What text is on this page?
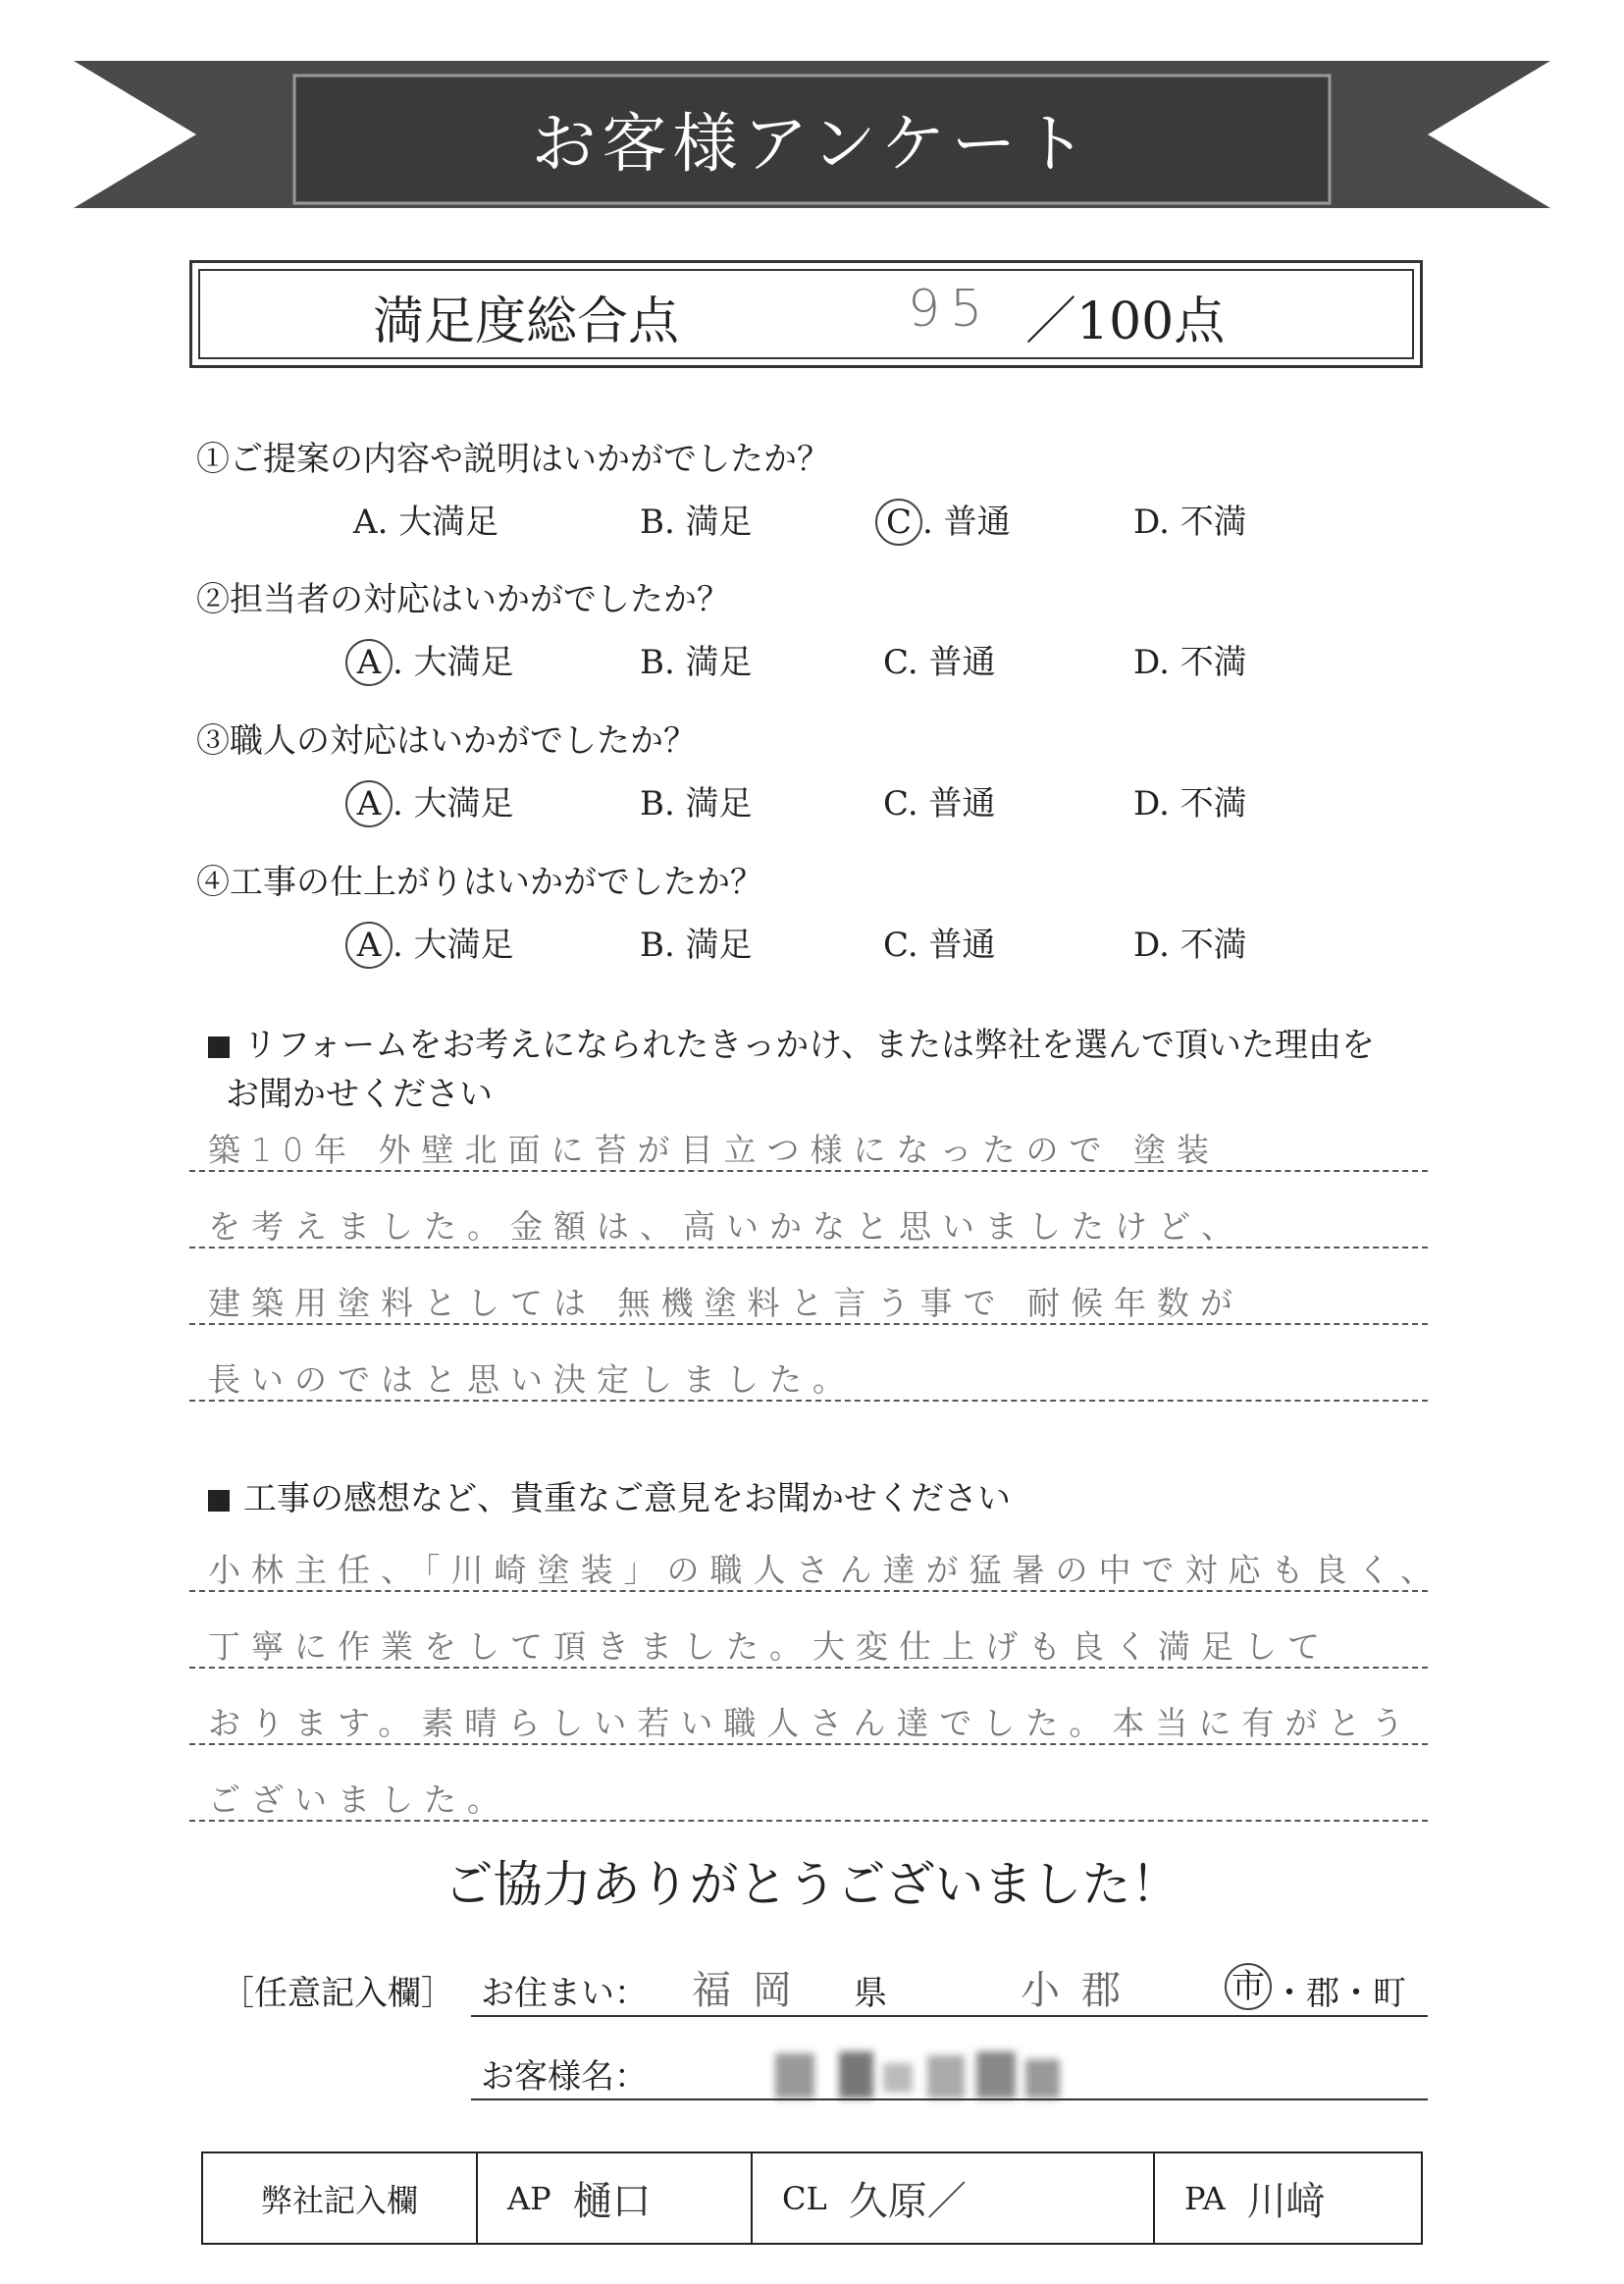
お客様アンケート
満足度総合点	95 ／100点
①ご提案の内容や説明はいかがでしたか？
A. 大満足	B. 満足	C . 普通	D. 不満
②担当者の対応はいかがでしたか？
A . 大満足	B. 満足	C. 普通	D. 不満
③職人の対応はいかがでしたか？
A . 大満足	B. 満足	C. 普通	D. 不満
④工事の仕上がりはいかがでしたか？
A . 大満足	B. 満足	C. 普通	D. 不満
リフォームをお考えになられたきっかけ、または弊社を選んで頂いた理由を
お聞かせください
築10年 外壁北面に苔が目立つ様になったので 塗装
を考えました。金額は、高いかなと思いましたけど、
建築用塗料としては 無機塗料と言う事で 耐候年数が
長いのではと思い決定しました。
工事の感想など、貴重なご意見をお聞かせください
小林主任、「川崎塗装」の職人さん達が猛暑の中で対応も良く、
丁寧に作業をして頂きました。大変仕上げも良く満足して
おります。素晴らしい若い職人さん達でした。本当に有がとう
ございました。
ご協力ありがとうございました！
［任意記入欄］ お住まい： 福岡 県	小郡	市 ・郡・町
お客様名：
弊社記入欄	AP 樋口	CL 久原／	PA 川﨑
